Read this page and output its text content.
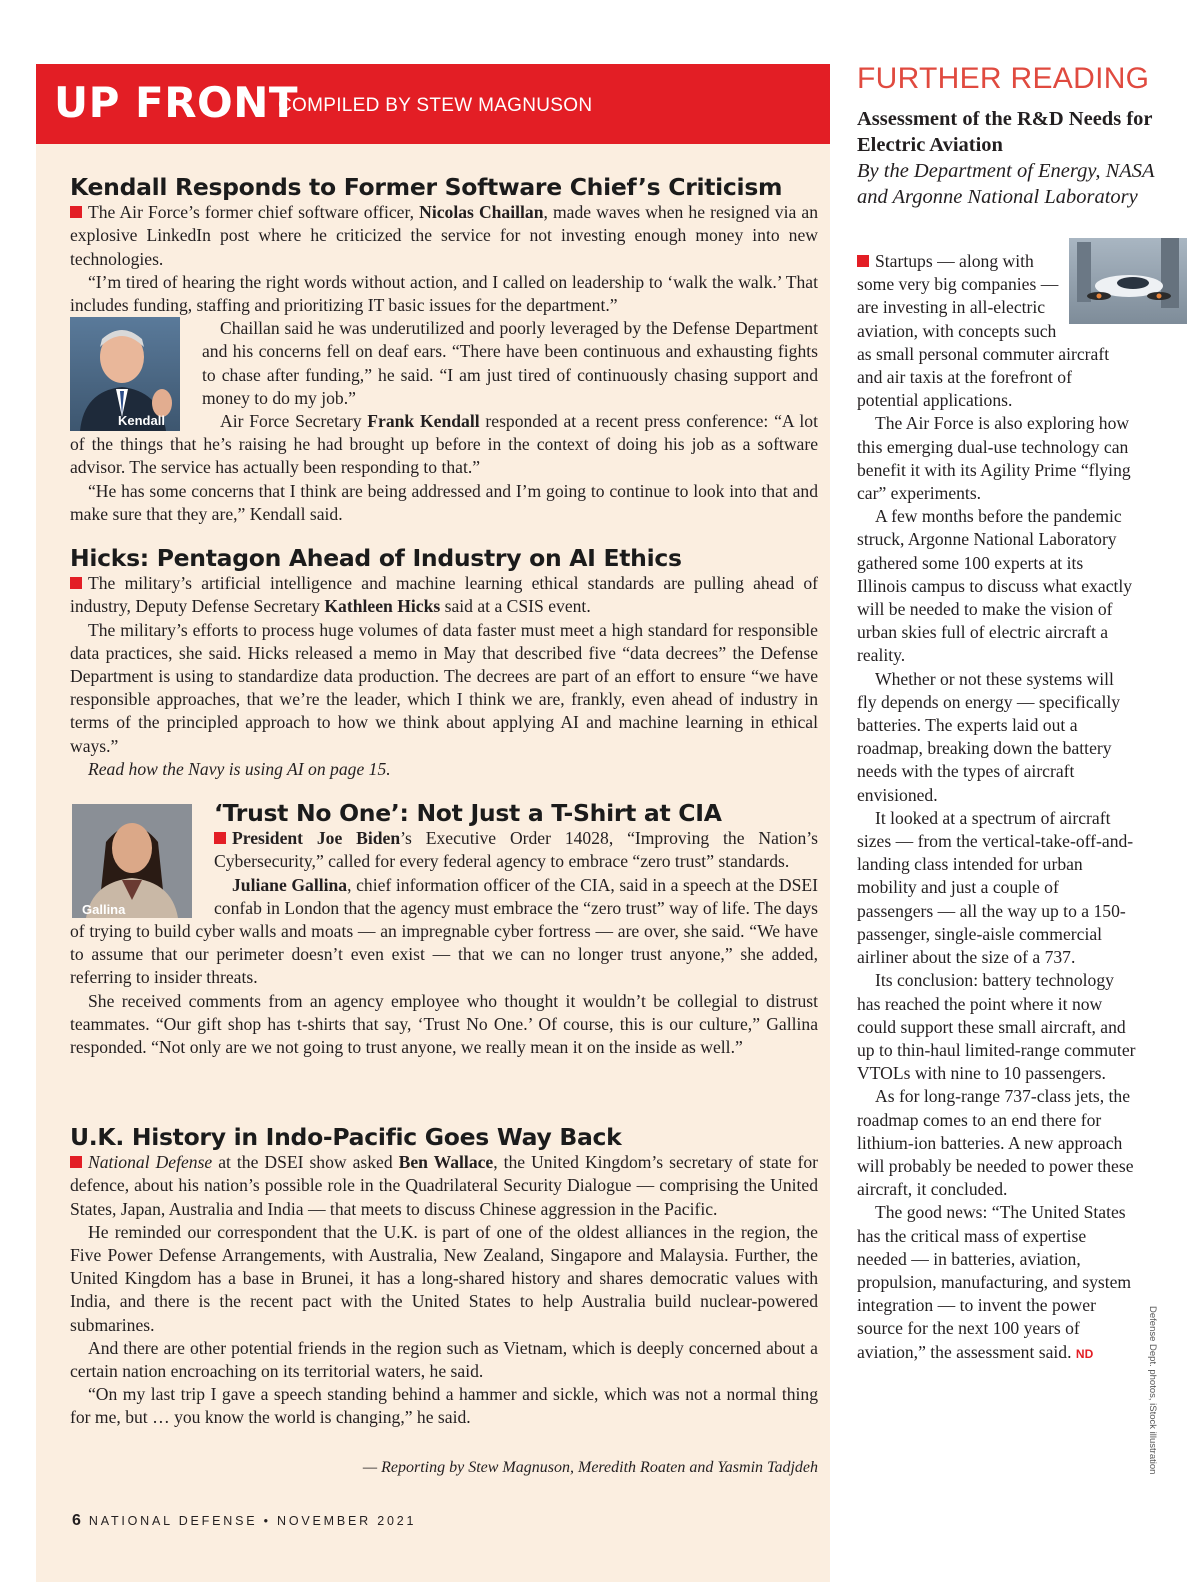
UP FRONT
COMPILED BY STEW MAGNUSON
Kendall Responds to Former Software Chief’s Criticism

The Air Force’s former chief software officer, Nicolas Chaillan, made waves when he resigned via an explosive LinkedIn post where he criticized the service for not investing enough money into new technologies.

“I’m tired of hearing the right words without action, and I called on leadership to ‘walk the walk.’ That includes funding, staffing and prioritizing IT basic issues for the department.”

Kendall

Chaillan said he was underutilized and poorly leveraged by the Defense Department and his concerns fell on deaf ears. “There have been continuous and exhausting fights to chase after funding,” he said. “I am just tired of continuously chasing support and money to do my job.”

Air Force Secretary Frank Kendall responded at a recent press conference: “A lot of the things that he’s raising he had brought up before in the context of doing his job as a software advisor. The service has actually been responding to that.”

“He has some concerns that I think are being addressed and I’m going to continue to look into that and make sure that they are,” Kendall said.

Hicks: Pentagon Ahead of Industry on AI Ethics

The military’s artificial intelligence and machine learning ethical standards are pulling ahead of industry, Deputy Defense Secretary Kathleen Hicks said at a CSIS event.

The military’s efforts to process huge volumes of data faster must meet a high standard for responsible data practices, she said. Hicks released a memo in May that described five “data decrees” the Defense Department is using to standardize data production. The decrees are part of an effort to ensure “we have responsible approaches, that we’re the leader, which I think we are, frankly, even ahead of industry in terms of the principled approach to how we think about applying AI and machine learning in ethical ways.”

Read how the Navy is using AI on page 15.

Gallina
‘Trust No One’: Not Just a T-Shirt at CIA

President Joe Biden’s Executive Order 14028, “Improving the Nation’s Cybersecurity,” called for every federal agency to embrace “zero trust” standards.

Juliane Gallina, chief information officer of the CIA, said in a speech at the DSEI confab in London that the agency must embrace the “zero trust” way of life. The days of trying to build cyber walls and moats — an impregnable cyber fortress — are over, she said. “We have to assume that our perimeter doesn’t even exist — that we can no longer trust anyone,” she added, referring to insider threats.

She received comments from an agency employee who thought it wouldn’t be collegial to distrust teammates. “Our gift shop has t-shirts that say, ‘Trust No One.’ Of course, this is our culture,” Gallina responded. “Not only are we not going to trust anyone, we really mean it on the inside as well.”

U.K. History in Indo-Pacific Goes Way Back

National Defense at the DSEI show asked Ben Wallace, the United Kingdom’s secretary of state for defence, about his nation’s possible role in the Quadrilateral Security Dialogue — comprising the United States, Japan, Australia and India — that meets to discuss Chinese aggression in the Pacific.

He reminded our correspondent that the U.K. is part of one of the oldest alliances in the region, the Five Power Defense Arrangements, with Australia, New Zealand, Singapore and Malaysia. Further, the United Kingdom has a base in Brunei, it has a long-shared history and shares democratic values with India, and there is the recent pact with the United States to help Australia build nuclear-powered submarines.

And there are other potential friends in the region such as Vietnam, which is deeply concerned about a certain nation encroaching on its territorial waters, he said.

“On my last trip I gave a speech standing behind a hammer and sickle, which was not a normal thing for me, but … you know the world is changing,” he said.

— Reporting by Stew Magnuson, Meredith Roaten and Yasmin Tadjdeh
6 NATIONAL DEFENSE • NOVEMBER 2021
FURTHER READING
Assessment of the R&D Needs for Electric Aviation
By the Department of Energy, NASA and Argonne National Laboratory

Startups — along with some very big companies — are investing in all-electric aviation, with concepts such as small personal commuter aircraft and air taxis at the forefront of potential applications.

The Air Force is also exploring how this emerging dual-use technology can benefit it with its Agility Prime “flying car” experiments.

A few months before the pandemic struck, Argonne National Laboratory gathered some 100 experts at its Illinois campus to discuss what exactly will be needed to make the vision of urban skies full of electric aircraft a reality.

Whether or not these systems will fly depends on energy — specifically batteries. The experts laid out a roadmap, breaking down the battery needs with the types of aircraft envisioned.

It looked at a spectrum of aircraft sizes — from the vertical-take-off-and-landing class intended for urban mobility and just a couple of passengers — all the way up to a 150-passenger, single-aisle commercial airliner about the size of a 737.

Its conclusion: battery technology has reached the point where it now could support these small aircraft, and up to thin-haul limited-range commuter VTOLs with nine to 10 passengers.

As for long-range 737-class jets, the roadmap comes to an end there for lithium-ion batteries. A new approach will probably be needed to power these aircraft, it concluded.

The good news: “The United States has the critical mass of expertise needed — in batteries, aviation, propulsion, manufacturing, and system integration — to invent the power source for the next 100 years of aviation,” the assessment said. ND	Defense Dept. photos, iStock illustration
